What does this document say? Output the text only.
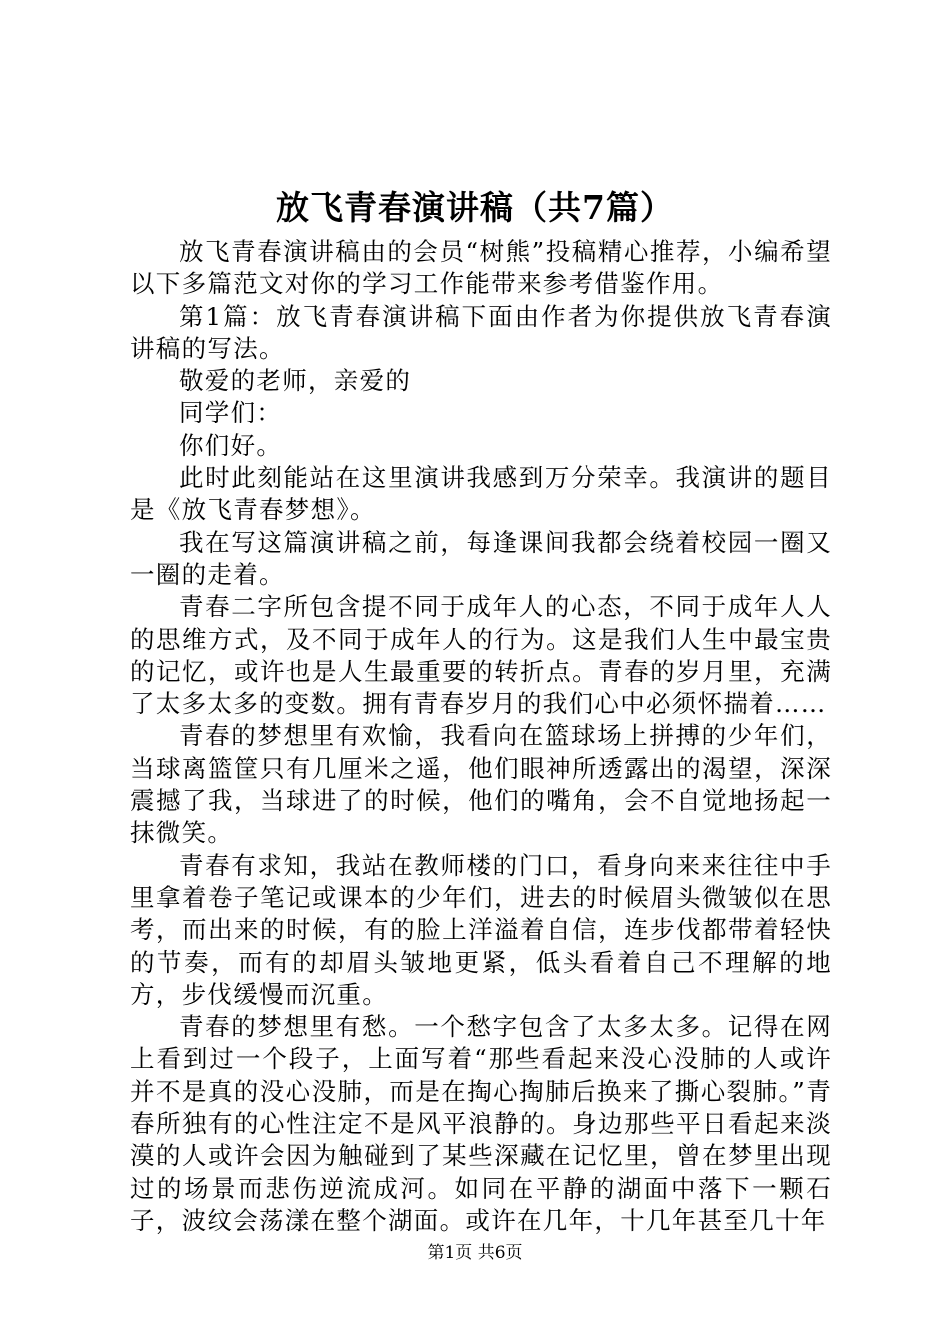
放飞青春演讲稿（共7篇）

放飞青春演讲稿由的会员“树熊”投稿精心推荐，小编希望以下多篇范文对你的学习工作能带来参考借鉴作用。

第1篇：放飞青春演讲稿下面由作者为你提供放飞青春演讲稿的写法。

敬爱的老师，亲爱的

同学们：

你们好。

此时此刻能站在这里演讲我感到万分荣幸。我演讲的题目是《放飞青春梦想》。

我在写这篇演讲稿之前，每逢课间我都会绕着校园一圈又一圈的走着。

青春二字所包含提不同于成年人的心态，不同于成年人人的思维方式，及不同于成年人的行为。这是我们人生中最宝贵的记忆，或许也是人生最重要的转折点。青春的岁月里，充满了太多太多的变数。拥有青春岁月的我们心中必须怀揣着……

青春的梦想里有欢愉，我看向在篮球场上拼搏的少年们，当球离篮筐只有几厘米之遥，他们眼神所透露出的渴望，深深震撼了我，当球进了的时候，他们的嘴角，会不自觉地扬起一抹微笑。

青春有求知，我站在教师楼的门口，看身向来来往往中手里拿着卷子笔记或课本的少年们，进去的时候眉头微皱似在思考，而出来的时候，有的脸上洋溢着自信，连步伐都带着轻快的节奏，而有的却眉头皱地更紧，低头看着自己不理解的地方，步伐缓慢而沉重。

青春的梦想里有愁。一个愁字包含了太多太多。记得在网上看到过一个段子，上面写着“那些看起来没心没肺的人或许并不是真的没心没肺，而是在掏心掏肺后换来了撕心裂肺。”青春所独有的心性注定不是风平浪静的。身边那些平日看起来淡漠的人或许会因为触碰到了某些深藏在记忆里，曾在梦里出现过的场景而悲伤逆流成河。如同在平静的湖面中落下一颗石子，波纹会荡漾在整个湖面。或许在几年，十几年甚至几十年

第1页 共6页
